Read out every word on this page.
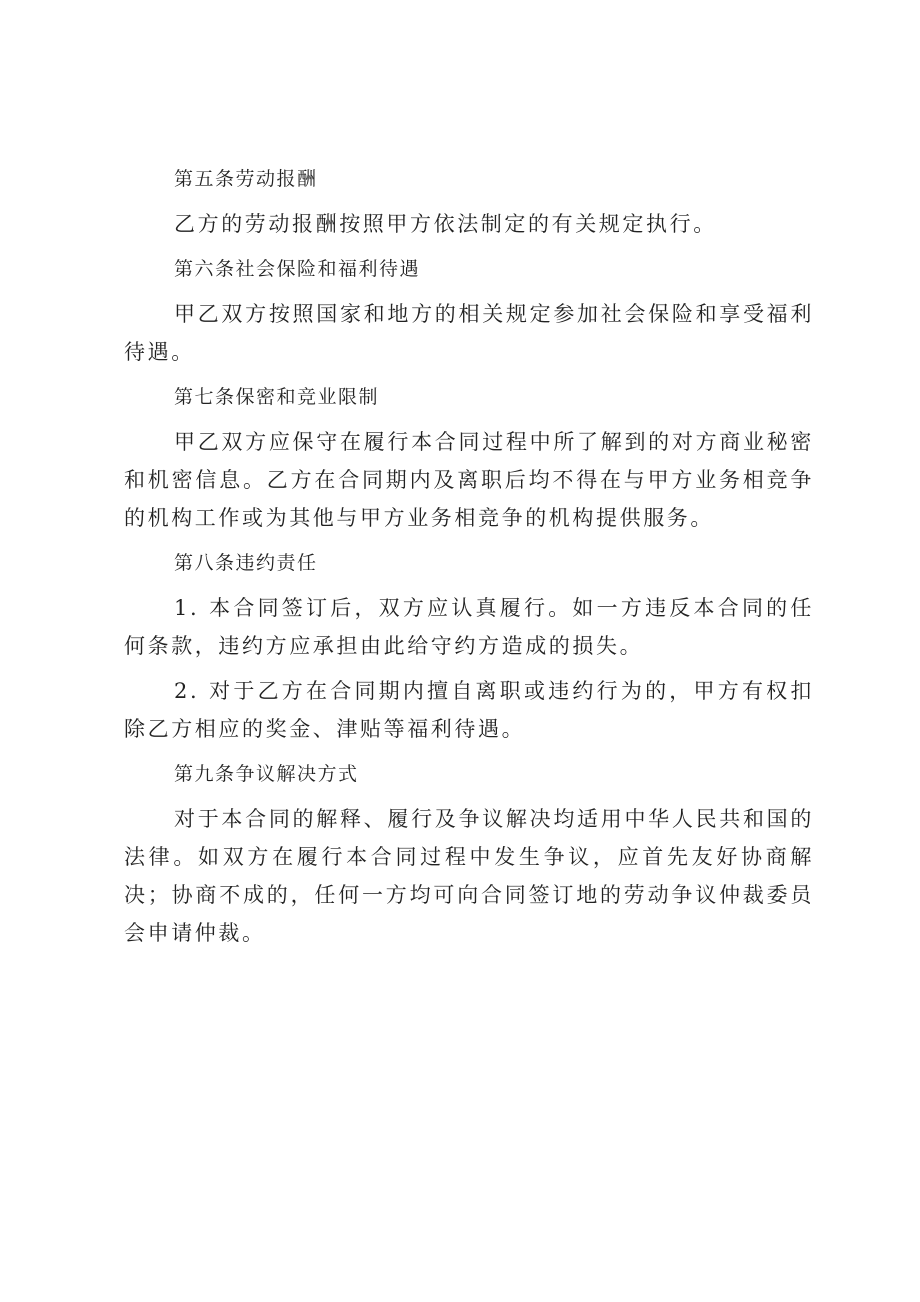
第五条劳动报酬

乙方的劳动报酬按照甲方依法制定的有关规定执行。

第六条社会保险和福利待遇

甲乙双方按照国家和地方的相关规定参加社会保险和享受福利待遇。

第七条保密和竞业限制

甲乙双方应保守在履行本合同过程中所了解到的对方商业秘密和机密信息。乙方在合同期内及离职后均不得在与甲方业务相竞争的机构工作或为其他与甲方业务相竞争的机构提供服务。

第八条违约责任

1. 本合同签订后，双方应认真履行。如一方违反本合同的任何条款，违约方应承担由此给守约方造成的损失。

2. 对于乙方在合同期内擅自离职或违约行为的，甲方有权扣除乙方相应的奖金、津贴等福利待遇。

第九条争议解决方式

对于本合同的解释、履行及争议解决均适用中华人民共和国的法律。如双方在履行本合同过程中发生争议，应首先友好协商解决；协商不成的，任何一方均可向合同签订地的劳动争议仲裁委员会申请仲裁。
